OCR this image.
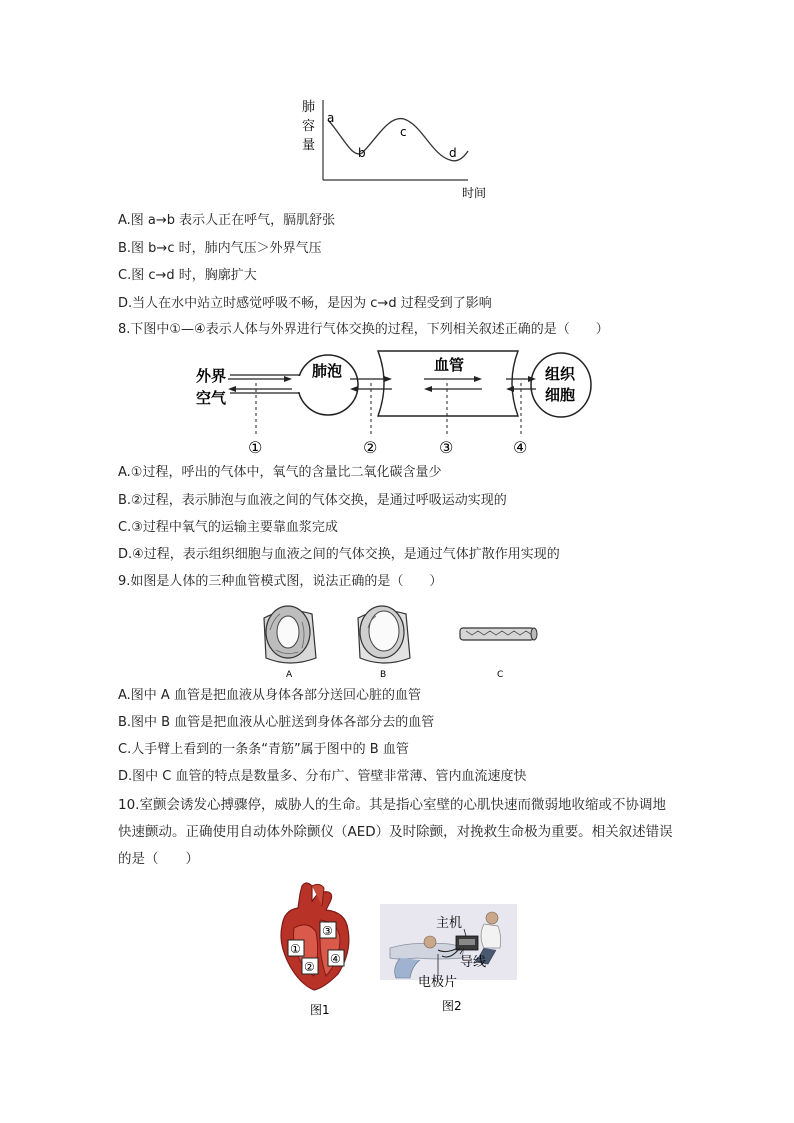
肺
容
量
a
b
c
d
时间
A.图 a→b 表示人正在呼气，膈肌舒张
B.图 b→c 时，肺内气压＞外界气压
C.图 c→d 时，胸廓扩大
D.当人在水中站立时感觉呼吸不畅，是因为 c→d 过程受到了影响
8.下图中①—④表示人体与外界进行气体交换的过程，下列相关叙述正确的是（　　）
外界
空气
肺泡	血管	组织
细胞
①	②	③	④
A.①过程，呼出的气体中，氧气的含量比二氧化碳含量少
B.②过程，表示肺泡与血液之间的气体交换，是通过呼吸运动实现的
C.③过程中氧气的运输主要靠血浆完成
D.④过程，表示组织细胞与血液之间的气体交换，是通过气体扩散作用实现的
9.如图是人体的三种血管模式图，说法正确的是（　　）
A	B	C
A.图中 A 血管是把血液从身体各部分送回心脏的血管
B.图中 B 血管是把血液从心脏送到身体各部分去的血管
C.人手臂上看到的一条条“青筋”属于图中的 B 血管
D.图中 C 血管的特点是数量多、分布广、管壁非常薄、管内血流速度快
10.室颤会诱发心搏骤停，威胁人的生命。其是指心室壁的心肌快速而微弱地收缩或不协调地快速颤动。正确使用自动体外除颤仪（AED）及时除颤，对挽救生命极为重要。相关叙述错误的是（　　）
①
②
③
④
图1
主机
导线
电极片
图2
